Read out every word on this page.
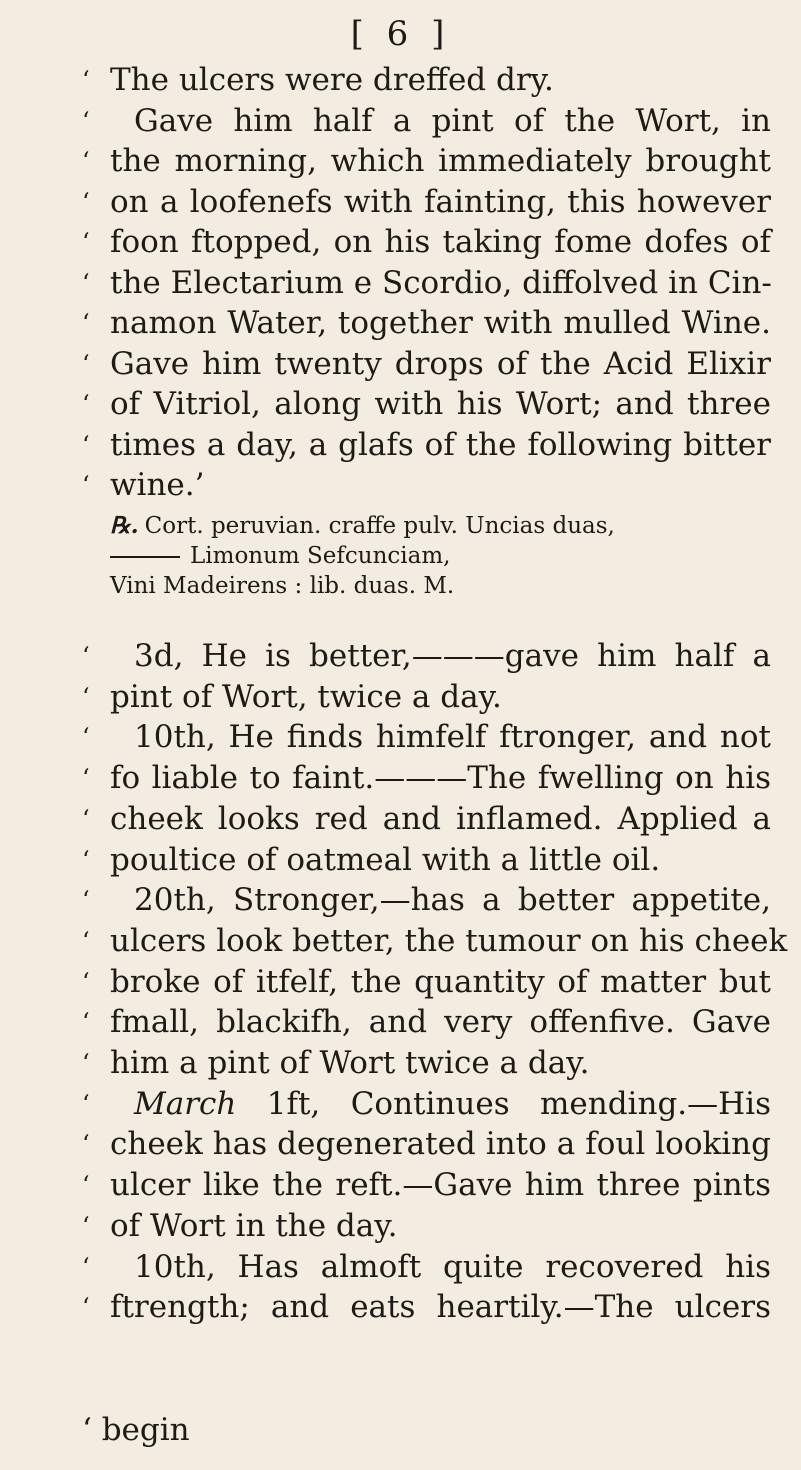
[ 6 ]
‘ The ulcers were dreffed dry.
‘	Gave him half a pint of the Wort, in
‘ the morning, which immediately brought
‘ on a loofenefs with fainting, this however
‘ foon ftopped, on his taking fome dofes of
‘ the Electarium e Scordio, diffolved in Cin-
‘ namon Water, together with mulled Wine.
‘ Gave him twenty drops of the Acid Elixir
‘ of Vitriol, along with his Wort; and three
‘ times a day, a glafs of the following bitter
‘ wine.’
℞. Cort. peruvian. craffe pulv. Uncias duas,
Limonum Sefcunciam,
Vini Madeirens : lib. duas. M.
‘	3d, He is better,———gave him half a
‘ pint of Wort, twice a day.
‘	10th, He finds himfelf ftronger, and not
‘ fo liable to faint.———The fwelling on his
‘ cheek looks red and inflamed. Applied a
‘ poultice of oatmeal with a little oil.
‘	20th, Stronger,—has a better appetite,
‘ ulcers look better, the tumour on his cheek
‘ broke of itfelf, the quantity of matter but
‘ fmall, blackifh, and very offenfive. Gave
‘ him a pint of Wort twice a day.
‘	March 1ft, Continues mending.—His
‘ cheek has degenerated into a foul looking
‘ ulcer like the reft.—Gave him three pints
‘ of Wort in the day.
‘	10th, Has almoft quite recovered his
‘ ftrength; and eats heartily.—The ulcers
‘ begin
